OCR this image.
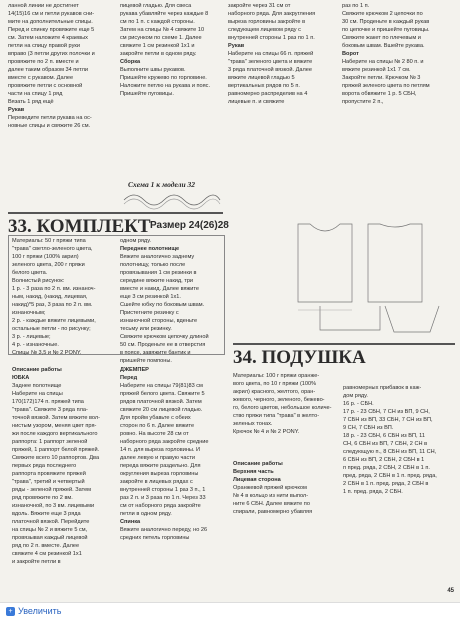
ланной линии не достигнет
14(15)16 см и петли рукавов сни-
мите на дополнительные спицы.
Перед и спинку провяжите еще 5
см. Затем наложите 4 краевых
петли на спицу правой руки
вправо (3 петли других полочки и
провяжите по 2 п. вместе и
далее таким образом 34 петли
вместе с рукавом. Далее
провяжите петли с основной
части на спицу 1 ряд
Вязать 1 ряд ещё
Рукав
Переведите петли рукава на ос-
новные спицы и свяжите 26 см.
пицевой гладью. Для свеса
рукава убавляйте через каждые 8
см по 1 п. с каждой стороны.
Затем на спицы № 4 свяжите 10
см рисунком по схеме 1. Далее
свяжите 1 см резинкой 1х1 и
закройте петли в одном ряду.
Сборка
Выполните швы рукавов.
Пришейте кружево по горловине.
Наложите петлю на рукава и пояс.
Пришейте пуговицы.
Схема 1 к модели 32
закройте через 31 см от
наборного ряда. Для закругления
выреза горловины закройте в
следующем лицевом ряду с
внутренней стороны 1 раз по 1 п.
Рукав
Наберите на спицы 66 п. пряжей
"трава" зеленого цвета и вяжите
3 ряда платочной вязкой. Далее
вяжите лицевой гладью 5
вертикальных рядов по 5 п.
равномерно распределив на 4
лицевые п. и свяжите
раз по 1 п.
Свяжите крючком 2 цепочки по
30 см. Проденьте в каждый рукав
по цепочке и пришейте пуговицы.
Свяжите жакет по плечевым и
боковым швам. Вшейте рукава.
Ворот
Наберите на спицы № 2 80 п. и
вяжите резинкой 1х1 7 см.
Закройте петли. Крючком № 3
пряжей зеленого цвета по петлям
ворота обвяжите 1 р. 5 СБН,
пропустите 2 п.,
33. КОМПЛЕКТ Размер 24(26)28
Материалы: 50 г пряжи типа
"трава" светло-зеленого цвета,
100 г пряжи (100% акрил)
зеленого цвета, 200 г пряжи
белого цвета.
Волнистый рисунок:
1 р. - 3 раза по 2 п. вм. изнаноч-
ным, накид, (накид, лицевая,
накид)*5 раз, 3 раза по 2 п. вм.
изнаночным;
2 р. - каждые вяжите лицевыми,
остальные петли - по рисунку;
3 р. - лицевые;
4 р. - изнаночные.
Спицы № 3,5 и № 2 PONY.
одном ряду.
Переднее полотнище
Вяжите аналогично заднему
полотнищу, только после
провязывания 1 см резинки в
середине вяжите накид, три
вместе и накид. Далее вяжите
еще 3 см резинкой 1х1.
Сшейте юбку по боковым швам.
Пристегните резинку с
изнаночной стороны, вденьте
тесьму или резинку.
Свяжите крючком цепочку длиной
50 см. Проденьте ее в отверстия
в поясе, завяжите бантик и
пришейте помпоны.
Описание работы
ЮБКА
Заднее полотнище
Наберите на спицы
170(172)174 п. пряжей типа
"трава". Свяжите 3 ряда пла-
точной вязкой. Затем вяжите вол-
нистым узором, меняя цвет пря-
жи после каждого вертикального
раппорта: 1 раппорт зеленой
пряжей, 1 раппорт белой пряжей.
Свяжите всего 10 раппортов. Два
первых ряда последнего
раппорта провяжите пряжей
"трава", третий и четвертый
ряды - зеленой пряжей. Затем
ряд провяжите по 2 вм.
изнаночной, по 3 вм. лицевыми
вдоль. Вяжите еще 3 ряда
платочной вязкой. Перейдите
на спицы № 2 и вяжите 5 см,
провязывая каждый лицевой
ряд по 2 п. вместе. Далее
свяжите 4 см резинкой 1х1
и закройте петли в
ДЖЕМПЕР
Перед
Наберите на спицы 79(81)83 см
пряжей белого цвета. Свяжите 5
рядов платочной вязкой. Затем
свяжите 20 см лицевой гладью.
Для пройм убавьте с обеих
сторон по 6 п. Далее вяжите
ровно. На высоте 28 см от
наборного ряда закройте средние
14 п. для выреза горловины. И
далее левую и правую части
переда вяжите раздельно. Для
округления выреза горловины
закройте в лицевых рядах с
внутренней стороны 1 раз 3 п., 1
раз 2 п. и 3 раза по 1 п. Через 33
см от наборного ряда закройте
петли в одном ряду.
Спинка
Вяжите аналогично переду, но 26
средних петель горловины
34. ПОДУШКА
Материалы: 100 г пряжи оранже-
вого цвета, по 10 г пряжи (100%
акрил) красного, желтого, оран-
жевого, черного, зеленого, бежево-
го, белого цветов, небольшое количе-
ство пряжи типа "трава" в желто-
зеленых тонах.
Крючок № 4 и № 2 PONY.
Описание работы
Верхняя часть
Лицевая сторона
Оранжевой пряжей крючком
№ 4 в кольцо из нити выпол-
ните 6 СБН. Далее вяжите по
спирали, равномерно убавляя
равномерных прибавок в каж-
дом ряду.
16 р. - СБН.
17 р. - 23 СБН, 7 СН из ВП, 9 СН,
7 СБН из ВП, 33 СБН, 7 СН из ВП,
9 СН, 7 СБН из ВП.
18 р. - 23 СБН, 6 СБН из ВП, 11
СН, 6 СБН из ВП, 7 СБН, 2 СН в
следующую п., 8 СБН из ВП, 11 СН,
6 СБН из ВП, 2 СБН, 2 СБН в 1
п пред. ряда, 2 СБН, 2 СБН в 1 п.
пред. ряда, 2 СБН в 1 п. пред. ряда,
2 СБН в 1 п. пред. ряда, 2 СБН в
1 п. пред. ряда, 2 СБН.
45
+ Увеличить
